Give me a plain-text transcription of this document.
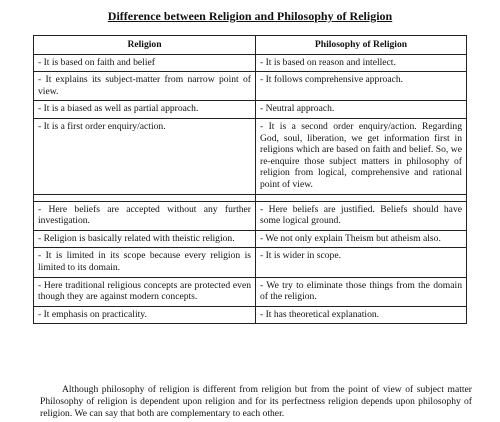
Difference between Religion and Philosophy of Religion
Religion	Philosophy of Religion
- It is based on faith and belief	- It is based on reason and intellect.
- It explains its subject-matter from narrow point of view.	- It follows comprehensive approach.
- It is a biased as well as partial approach.	- Neutral approach.
- It is a first order enquiry/action.	- It is a second order enquiry/action. Regarding God, soul, liberation, we get information first in religions which are based on faith and belief. So, we re-enquire those subject matters in philosophy of religion from logical, comprehensive and rational point of view.

- Here beliefs are accepted without any further investigation.	- Here beliefs are justified. Beliefs should have some logical ground.
- Religion is basically related with theistic religion.	- We not only explain Theism but atheism also.
- It is limited in its scope because every religion is limited to its domain.	- It is wider in scope.
- Here traditional religious concepts are protected even though they are against modern concepts.	- We try to eliminate those things from the domain of the religion.
- It emphasis on practicality.	- It has theoretical explanation.

Although philosophy of religion is different from religion but from the point of view of subject matter Philosophy of religion is dependent upon religion and for its perfectness religion depends upon philosophy of religion. We can say that both are complementary to each other.
